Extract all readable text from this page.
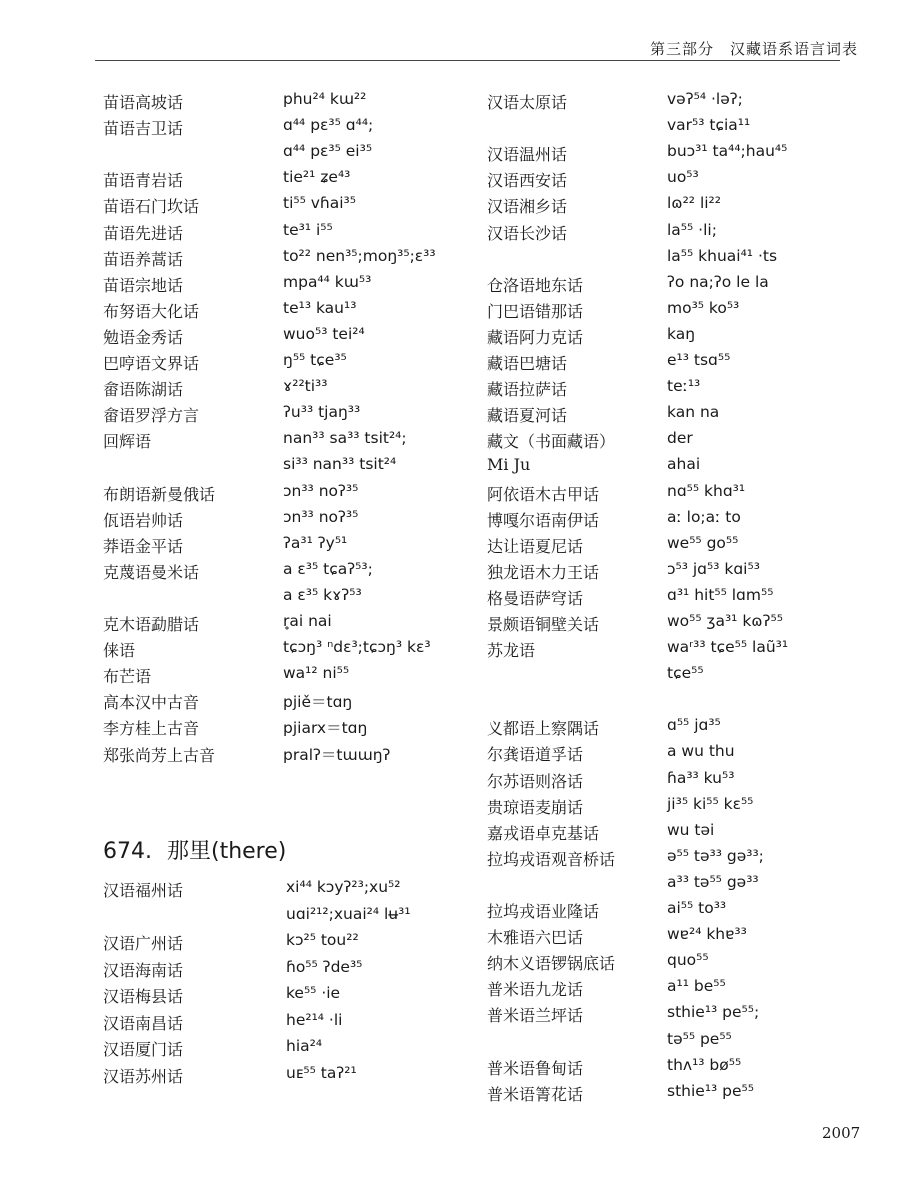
第三部分　汉藏语系语言词表
苗语高坡话	phu²⁴ kɯ²²
苗语吉卫话	ɑ⁴⁴ pɛ³⁵ ɑ⁴⁴;
ɑ⁴⁴ pɛ³⁵ ei³⁵
苗语青岩话	tie²¹ ʑe⁴³
苗语石门坎话	ti⁵⁵ vɦai³⁵
苗语先进话	te³¹ i⁵⁵
苗语养蒿话	to²² nen³⁵;moŋ³⁵;ɛ³³
苗语宗地话	mpa⁴⁴ kɯ⁵³
布努语大化话	te¹³ kau¹³
勉语金秀话	wuo⁵³ tei²⁴
巴哼语文界话	ŋ⁵⁵ tɕe³⁵
畲语陈湖话	ɤ²²ti³³
畲语罗浮方言	ʔu³³ tjaŋ³³
回辉语	nan³³ sa³³ tsit²⁴;
si³³ nan³³ tsit²⁴
布朗语新曼俄话	ɔn³³ noʔ³⁵
佤语岩帅话	ɔn³³ noʔ³⁵
莽语金平话	ʔa³¹ ʔy⁵¹
克蔑语曼米话	a ɛ³⁵ tɕaʔ⁵³;
a ɛ³⁵ kɤʔ⁵³
克木语勐腊话	r̥ai nai
俫语	tɕɔŋ³ ⁿdɛ³;tɕɔŋ³ kɛ³
布芒语	wa¹² ni⁵⁵
高本汉中古音	pjiě＝tɑŋ
李方桂上古音	pjiarx＝tɑŋ
郑张尚芳上古音	pralʔ＝tɯɯŋʔ
674. 那里(there)
汉语福州话	xi⁴⁴ kɔyʔ²³;xu⁵²
uɑi²¹²;xuai²⁴ lʉ³¹
汉语广州话	kɔ²⁵ tou²²
汉语海南话	ɦo⁵⁵ ʔde³⁵
汉语梅县话	ke⁵⁵ ·ie
汉语南昌话	he²¹⁴ ·li
汉语厦门话	hia²⁴
汉语苏州话	uᴇ⁵⁵ taʔ²¹
汉语太原话	vəʔ⁵⁴ ·ləʔ;
var⁵³ tɕia¹¹
汉语温州话	buɔ³¹ ta⁴⁴;hau⁴⁵
汉语西安话	uo⁵³
汉语湘乡话	lɷ²² li²²
汉语长沙话	la⁵⁵ ·li;
la⁵⁵ khuai⁴¹ ·ts
仓洛语地东话	ʔo na;ʔo le la
门巴语错那话	mo³⁵ ko⁵³
藏语阿力克话	kaŋ
藏语巴塘话	e¹³ tsɑ⁵⁵
藏语拉萨话	teː¹³
藏语夏河话	kan na
藏文（书面藏语）	der
Mi Ju	ahai
阿依语木古甲话	nɑ⁵⁵ khɑ³¹
博嘎尔语南伊话	aː lo;aː to
达让语夏尼话	we⁵⁵ go⁵⁵
独龙语木力王话	ɔ⁵³ jɑ⁵³ kɑi⁵³
格曼语萨穹话	ɑ³¹ hit⁵⁵ lɑm⁵⁵
景颇语铜壁关话	wo⁵⁵ ʒa³¹ kɷʔ⁵⁵
苏龙语	waʳ³³ tɕe⁵⁵ laũ³¹
tɕe⁵⁵
义都语上察隅话	ɑ⁵⁵ jɑ³⁵
尔龚语道孚话	a wu thu
尔苏语则洛话	ɦa³³ ku⁵³
贵琼语麦崩话	ji³⁵ ki⁵⁵ kɛ⁵⁵
嘉戎语卓克基话	wu təi
拉坞戎语观音桥话	ə⁵⁵ tə³³ gə³³;
a³³ tə⁵⁵ gə³³
拉坞戎语业隆话	ai⁵⁵ to³³
木雅语六巴话	wɐ²⁴ khɐ³³
纳木义语锣锅底话	quo⁵⁵
普米语九龙话	a¹¹ be⁵⁵
普米语兰坪话	sthie¹³ pe⁵⁵;
tə⁵⁵ pe⁵⁵
普米语鲁甸话	thʌ¹³ bø⁵⁵
普米语箐花话	sthie¹³ pe⁵⁵
2007
